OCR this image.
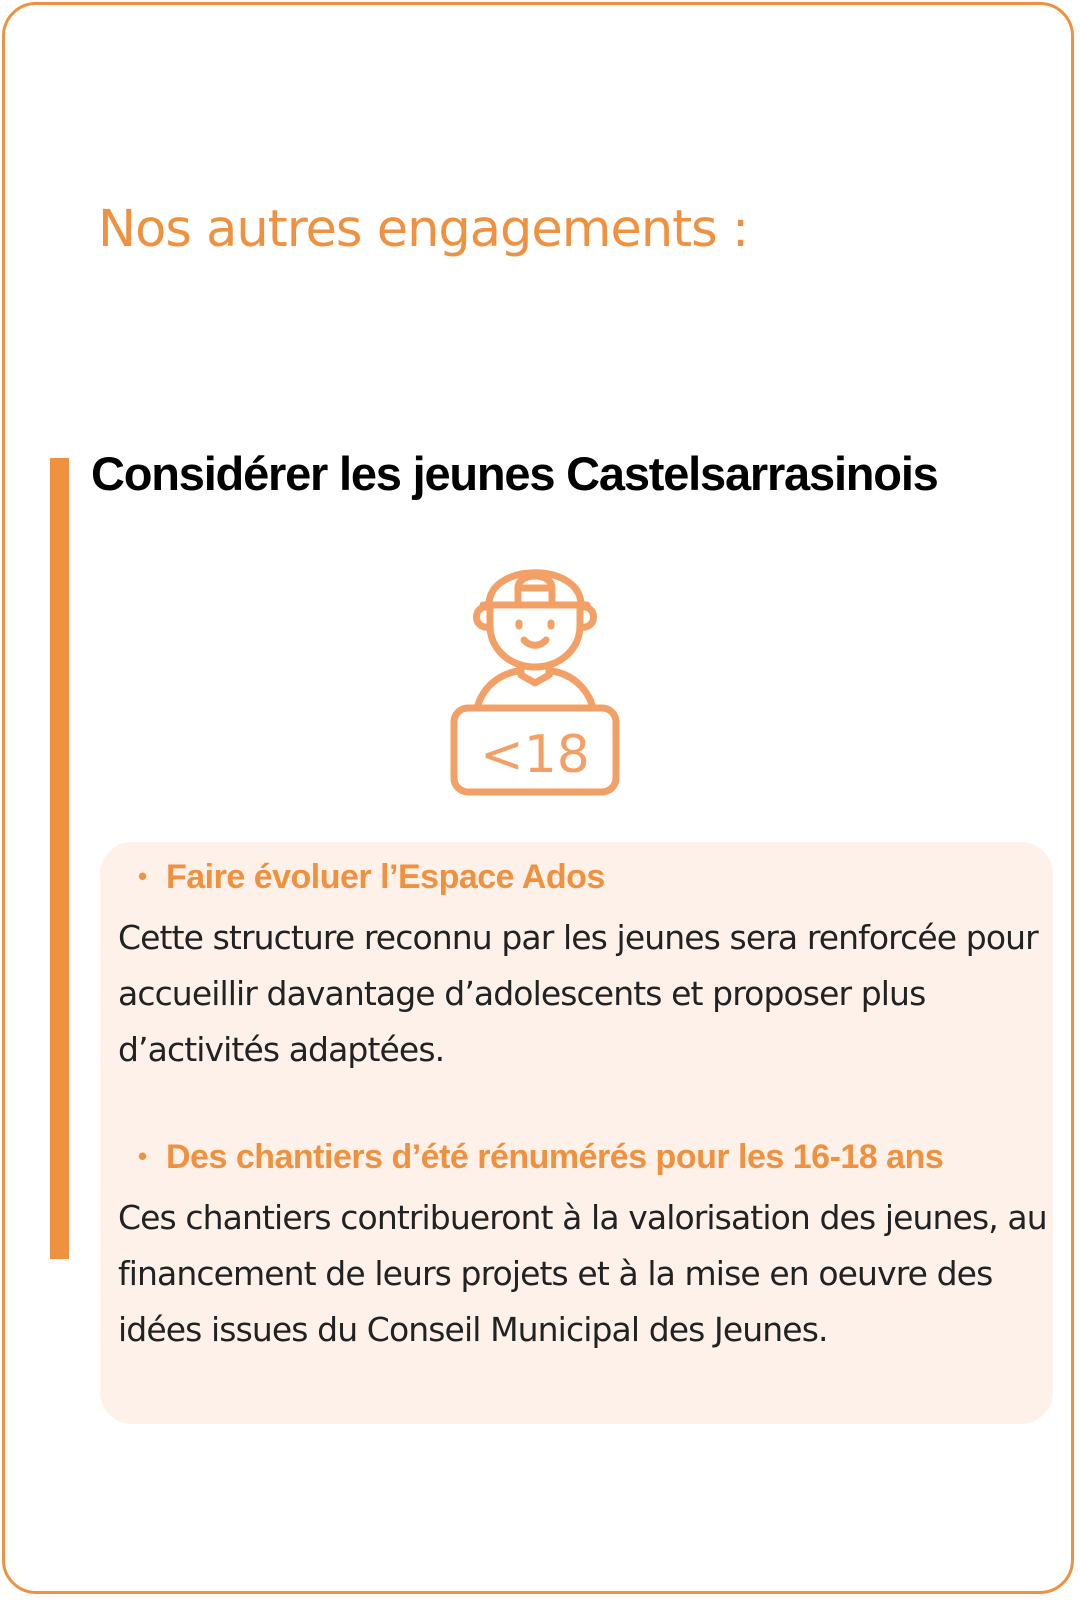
Nos autres engagements :
Considérer les jeunes Castelsarrasinois
<18
• Faire évoluer l’Espace Ados

Cette structure reconnu par les jeunes sera renforcée pour accueillir davantage d’adolescents et proposer plus d’activités adaptées.

• Des chantiers d’été rénumérés pour les 16-18 ans

Ces chantiers contribueront à la valorisation des jeunes, au financement de leurs projets et à la mise en oeuvre des idées issues du Conseil Municipal des Jeunes.
